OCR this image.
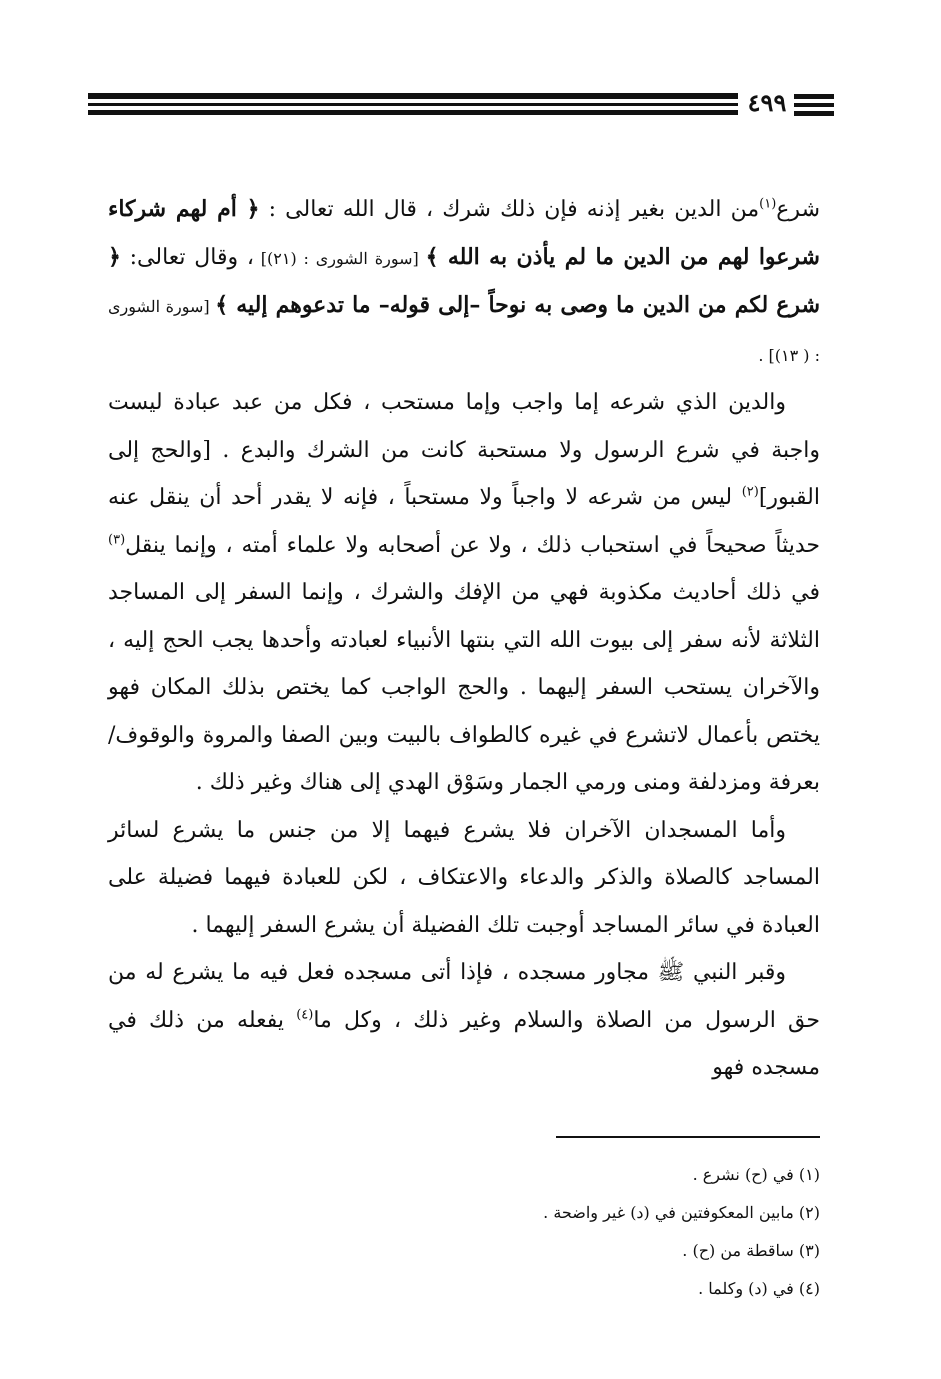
٤٩٩

شرع$^{(١)}$من الدين بغير إذنه فإن ذلك شرك ، قال الله تعالى : ﴿ أم لهم شركاء شرعوا لهم من الدين ما لم يأذن به الله ﴾ [سورة الشورى : (٢١)] ، وقال تعالى: ﴿ شرع لكم من الدين ما وصى به نوحاً –إلى قوله– ما تدعوهم إليه ﴾ [سورة الشورى : ( ١٣)] .

والدين الذي شرعه إما واجب وإما مستحب ، فكل من عبد عبادة ليست واجبة في شرع الرسول ولا مستحبة كانت من الشرك والبدع . [والحج إلى القبور]$^{(٢)}$ ليس من شرعه لا واجباً ولا مستحباً ، فإنه لا يقدر أحد أن ينقل عنه حديثاً صحيحاً في استحباب ذلك ، ولا عن أصحابه ولا علماء أمته ، وإنما ينقل$^{(٣)}$ في ذلك أحاديث مكذوبة فهي من الإفك والشرك ، وإنما السفر إلى المساجد الثلاثة لأنه سفر إلى بيوت الله التي بنتها الأنبياء لعبادته وأحدها يجب الحج إليه ، والآخران يستحب السفر إليهما . والحج الواجب كما يختص بذلك المكان فهو يختص بأعمال لاتشرع في غيره كالطواف بالبيت وبين الصفا والمروة والوقوف/ بعرفة ومزدلفة ومنى ورمي الجمار وسَوْق الهدي إلى هناك وغير ذلك .

وأما المسجدان الآخران فلا يشرع فيهما إلا من جنس ما يشرع لسائر المساجد كالصلاة والذكر والدعاء والاعتكاف ، لكن للعبادة فيهما فضيلة على العبادة في سائر المساجد أوجبت تلك الفضيلة أن يشرع السفر إليهما .

وقبر النبي ﷺ مجاور مسجده ، فإذا أتى مسجده فعل فيه ما يشرع له من حق الرسول من الصلاة والسلام وغير ذلك ، وكل ما$^{(٤)}$ يفعله من ذلك في مسجده فهو

(١) في (ح) نشرع .
(٢) مابين المعكوفتين في (د) غير واضحة .
(٣) ساقطة من (ح) .
(٤) في (د) وكلما .
